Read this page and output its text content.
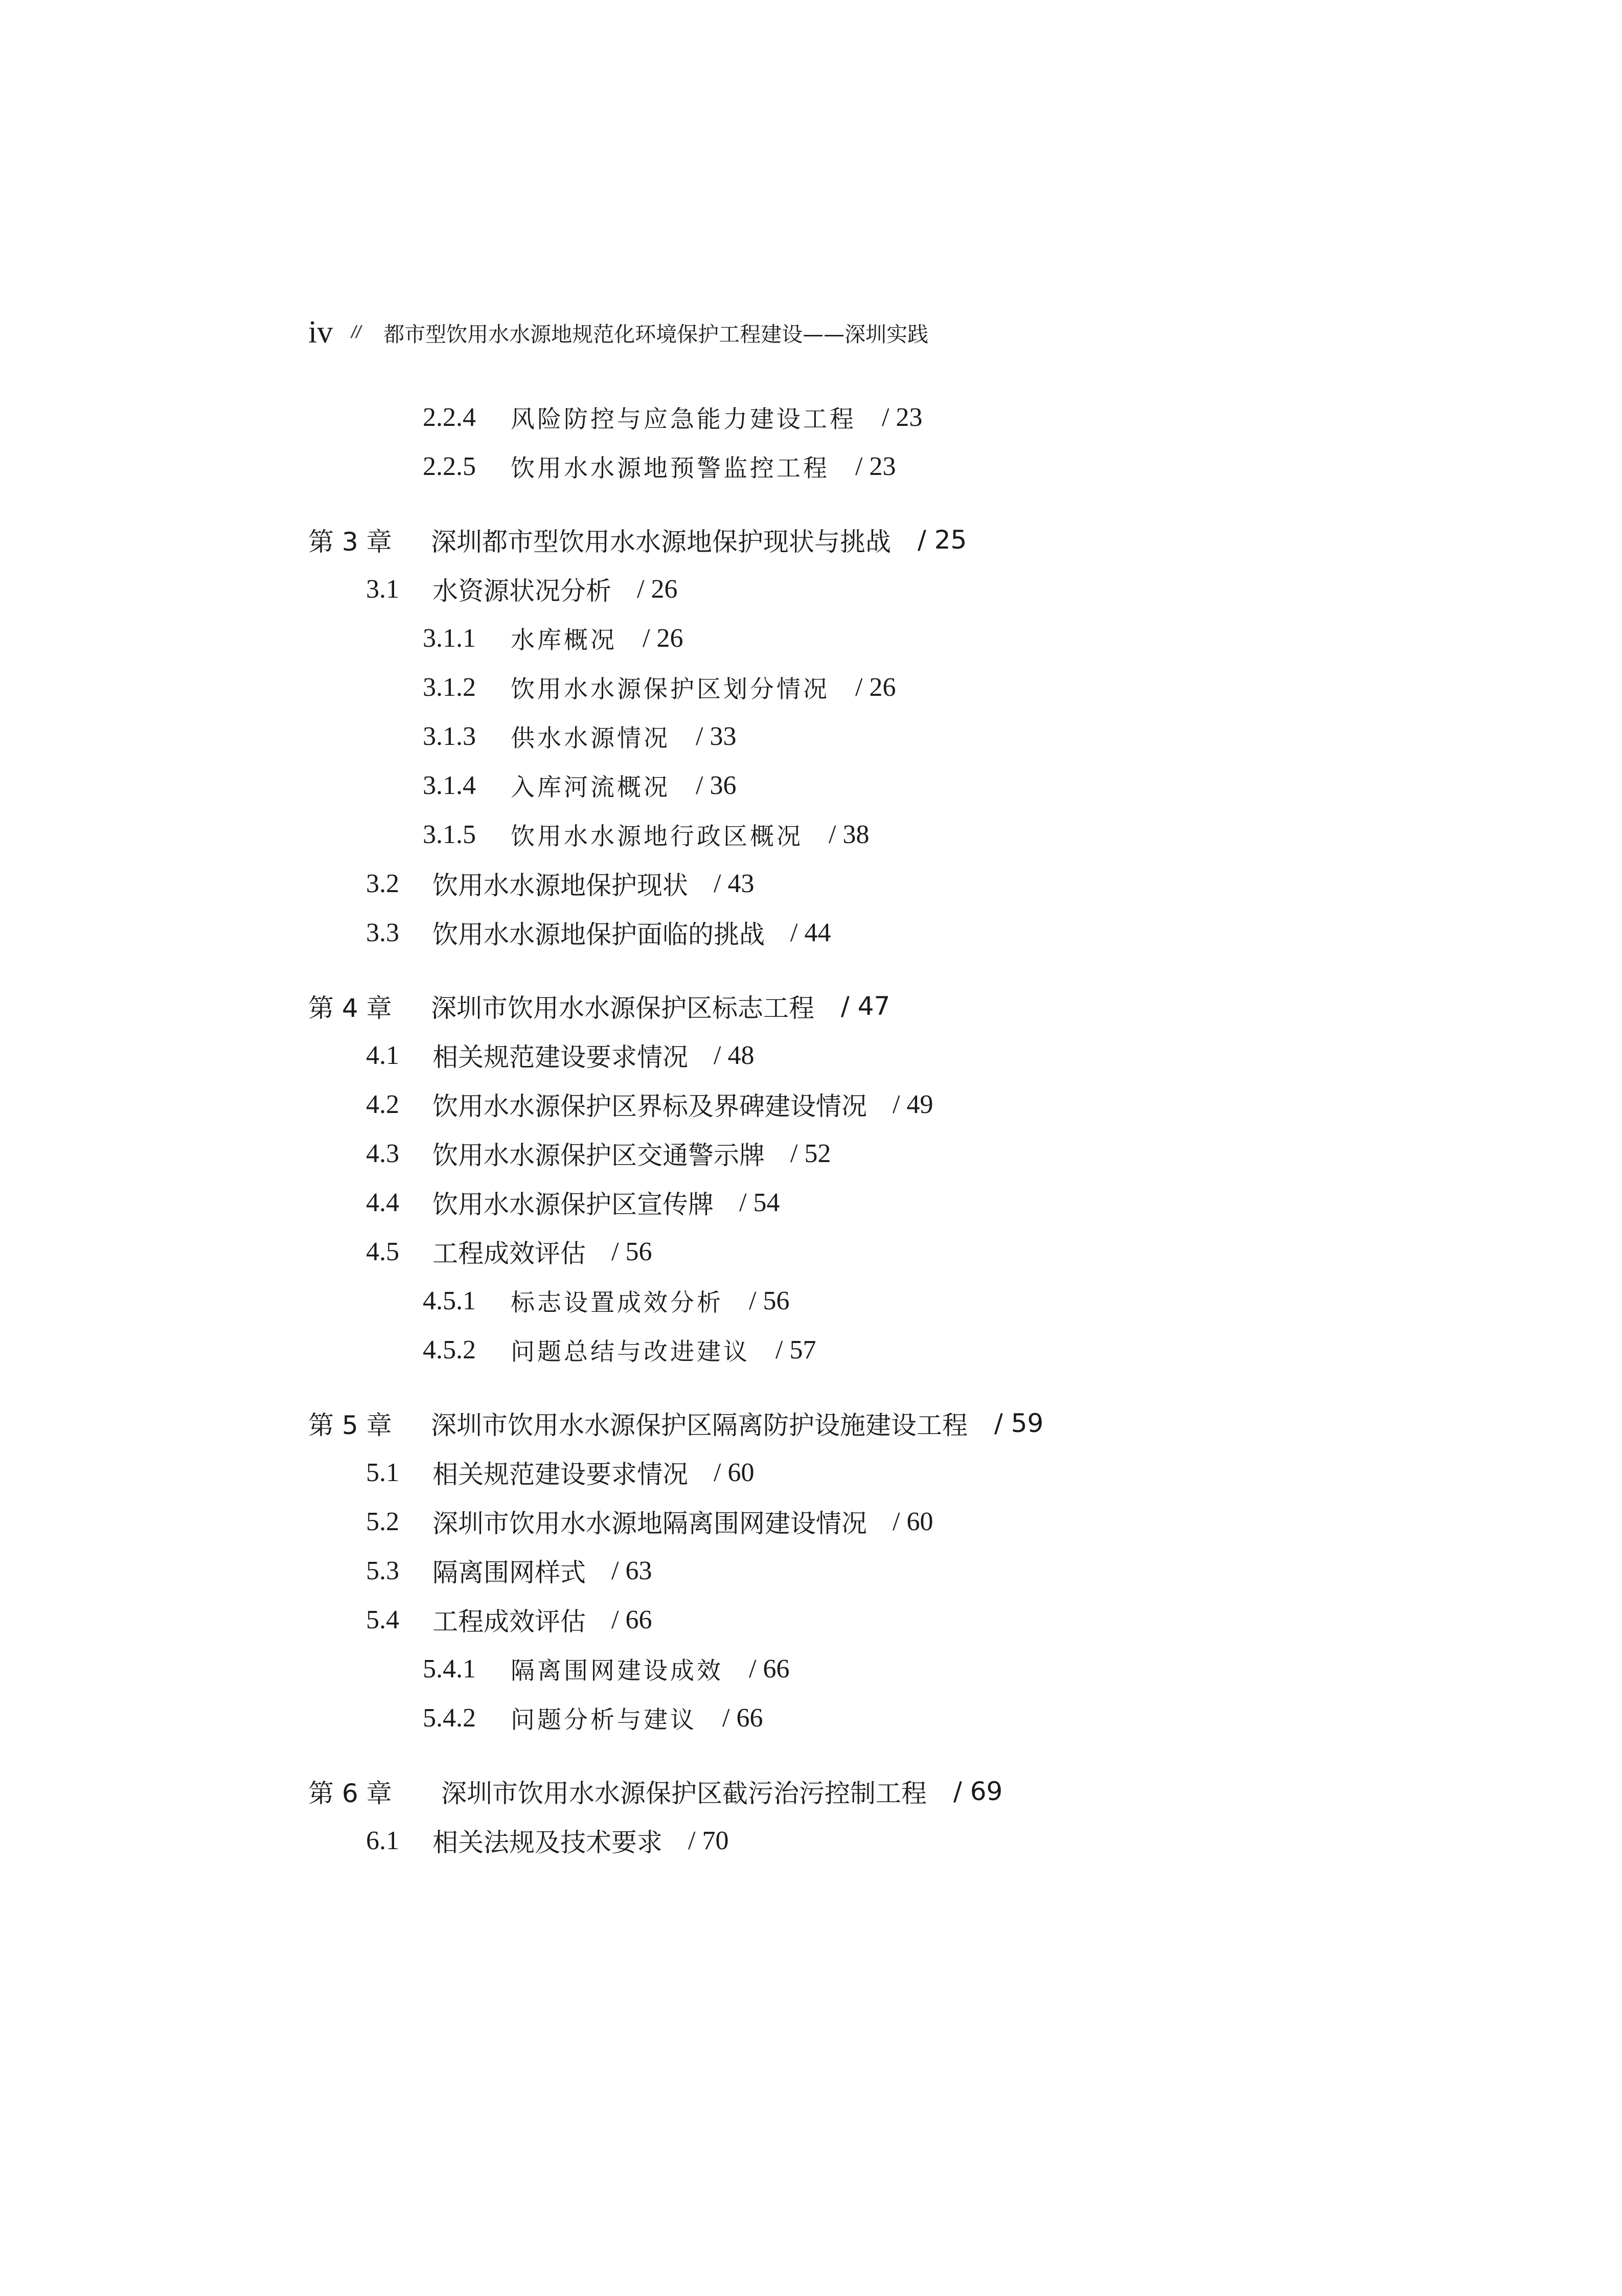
iv // 都市型饮用水水源地规范化环境保护工程建设——深圳实践
2.2.4	风险防控与应急能力建设工程 / 23
2.2.5	饮用水水源地预警监控工程 / 23
第 3 章	深圳都市型饮用水水源地保护现状与挑战 / 25
3.1	水资源状况分析 / 26
3.1.1	水库概况 / 26
3.1.2	饮用水水源保护区划分情况 / 26
3.1.3	供水水源情况 / 33
3.1.4	入库河流概况 / 36
3.1.5	饮用水水源地行政区概况 / 38
3.2	饮用水水源地保护现状 / 43
3.3	饮用水水源地保护面临的挑战 / 44
第 4 章	深圳市饮用水水源保护区标志工程 / 47
4.1	相关规范建设要求情况 / 48
4.2	饮用水水源保护区界标及界碑建设情况 / 49
4.3	饮用水水源保护区交通警示牌 / 52
4.4	饮用水水源保护区宣传牌 / 54
4.5	工程成效评估 / 56
4.5.1	标志设置成效分析 / 56
4.5.2	问题总结与改进建议 / 57
第 5 章	深圳市饮用水水源保护区隔离防护设施建设工程 / 59
5.1	相关规范建设要求情况 / 60
5.2	深圳市饮用水水源地隔离围网建设情况 / 60
5.3	隔离围网样式 / 63
5.4	工程成效评估 / 66
5.4.1	隔离围网建设成效 / 66
5.4.2	问题分析与建议 / 66
第 6 章	深圳市饮用水水源保护区截污治污控制工程 / 69
6.1	相关法规及技术要求 / 70
